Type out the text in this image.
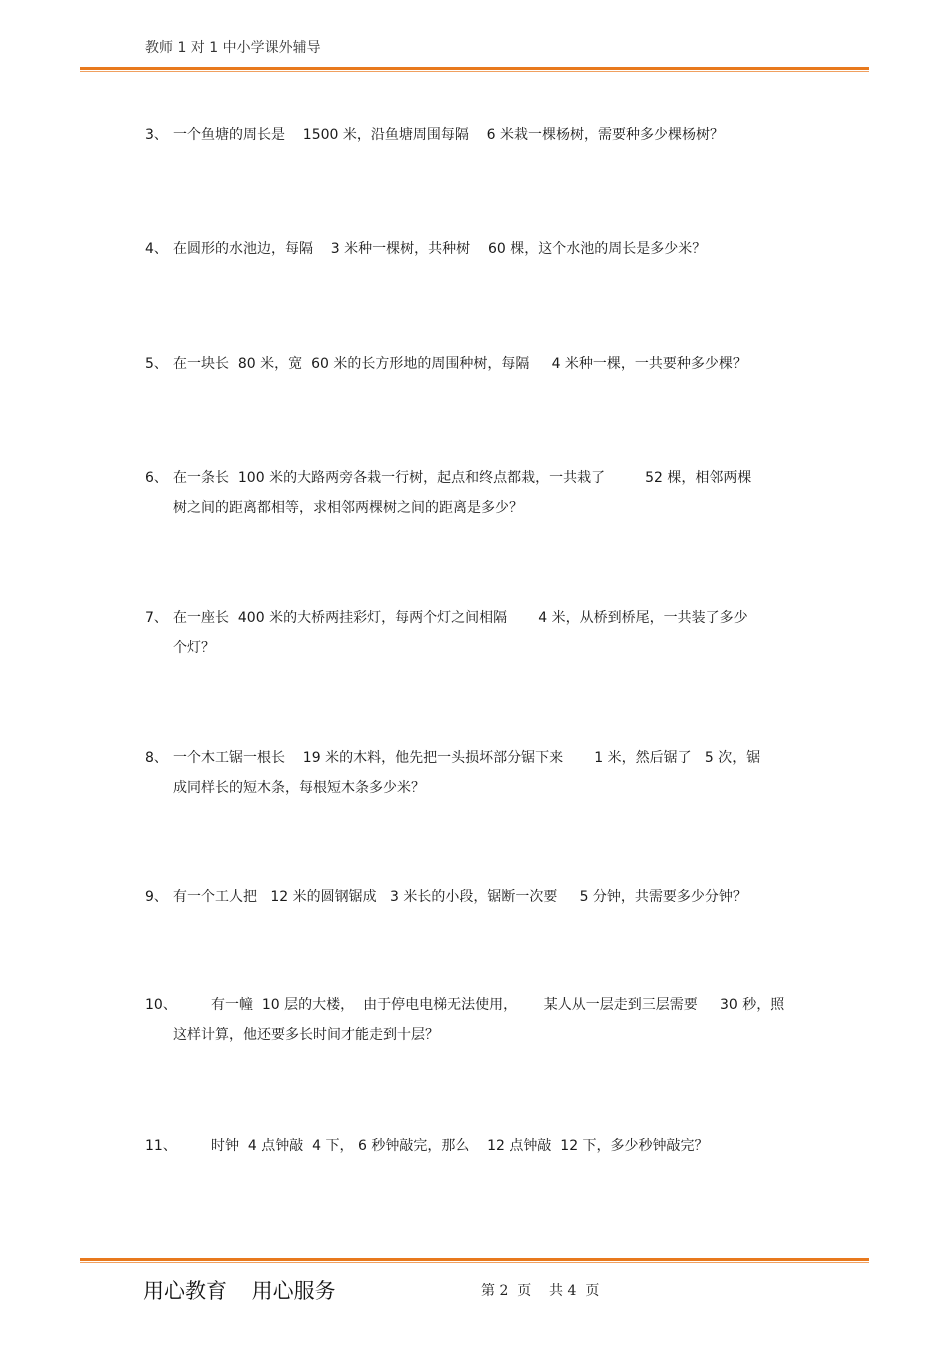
教师 1 对 1 中小学课外辅导
3、 一个鱼塘的周长是    1500 米，沿鱼塘周围每隔    6 米栽一棵杨树，需要种多少棵杨树？
4、 在圆形的水池边，每隔    3 米种一棵树，共种树    60 棵，这个水池的周长是多少米？
5、 在一块长  80 米，宽  60 米的长方形地的周围种树，每隔     4 米种一棵，一共要种多少棵？
6、 在一条长  100 米的大路两旁各栽一行树，起点和终点都栽，一共栽了         52 棵，相邻两棵
树之间的距离都相等，求相邻两棵树之间的距离是多少？
7、 在一座长  400 米的大桥两挂彩灯，每两个灯之间相隔       4 米，从桥到桥尾，一共装了多少
个灯？
8、 一个木工锯一根长    19 米的木料，他先把一头损坏部分锯下来       1 米，然后锯了   5 次，锯
成同样长的短木条，每根短木条多少米？
9、 有一个工人把   12 米的圆钢锯成   3 米长的小段，锯断一次要     5 分钟，共需要多少分钟？
10、 有一幢  10 层的大楼，  由于停电电梯无法使用，      某人从一层走到三层需要     30 秒，照
这样计算，他还要多长时间才能走到十层？
11、 时钟  4 点钟敲  4 下， 6 秒钟敲完，那么    12 点钟敲  12 下，多少秒钟敲完？
用心教育 用心服务	第 2  页    共 4  页
